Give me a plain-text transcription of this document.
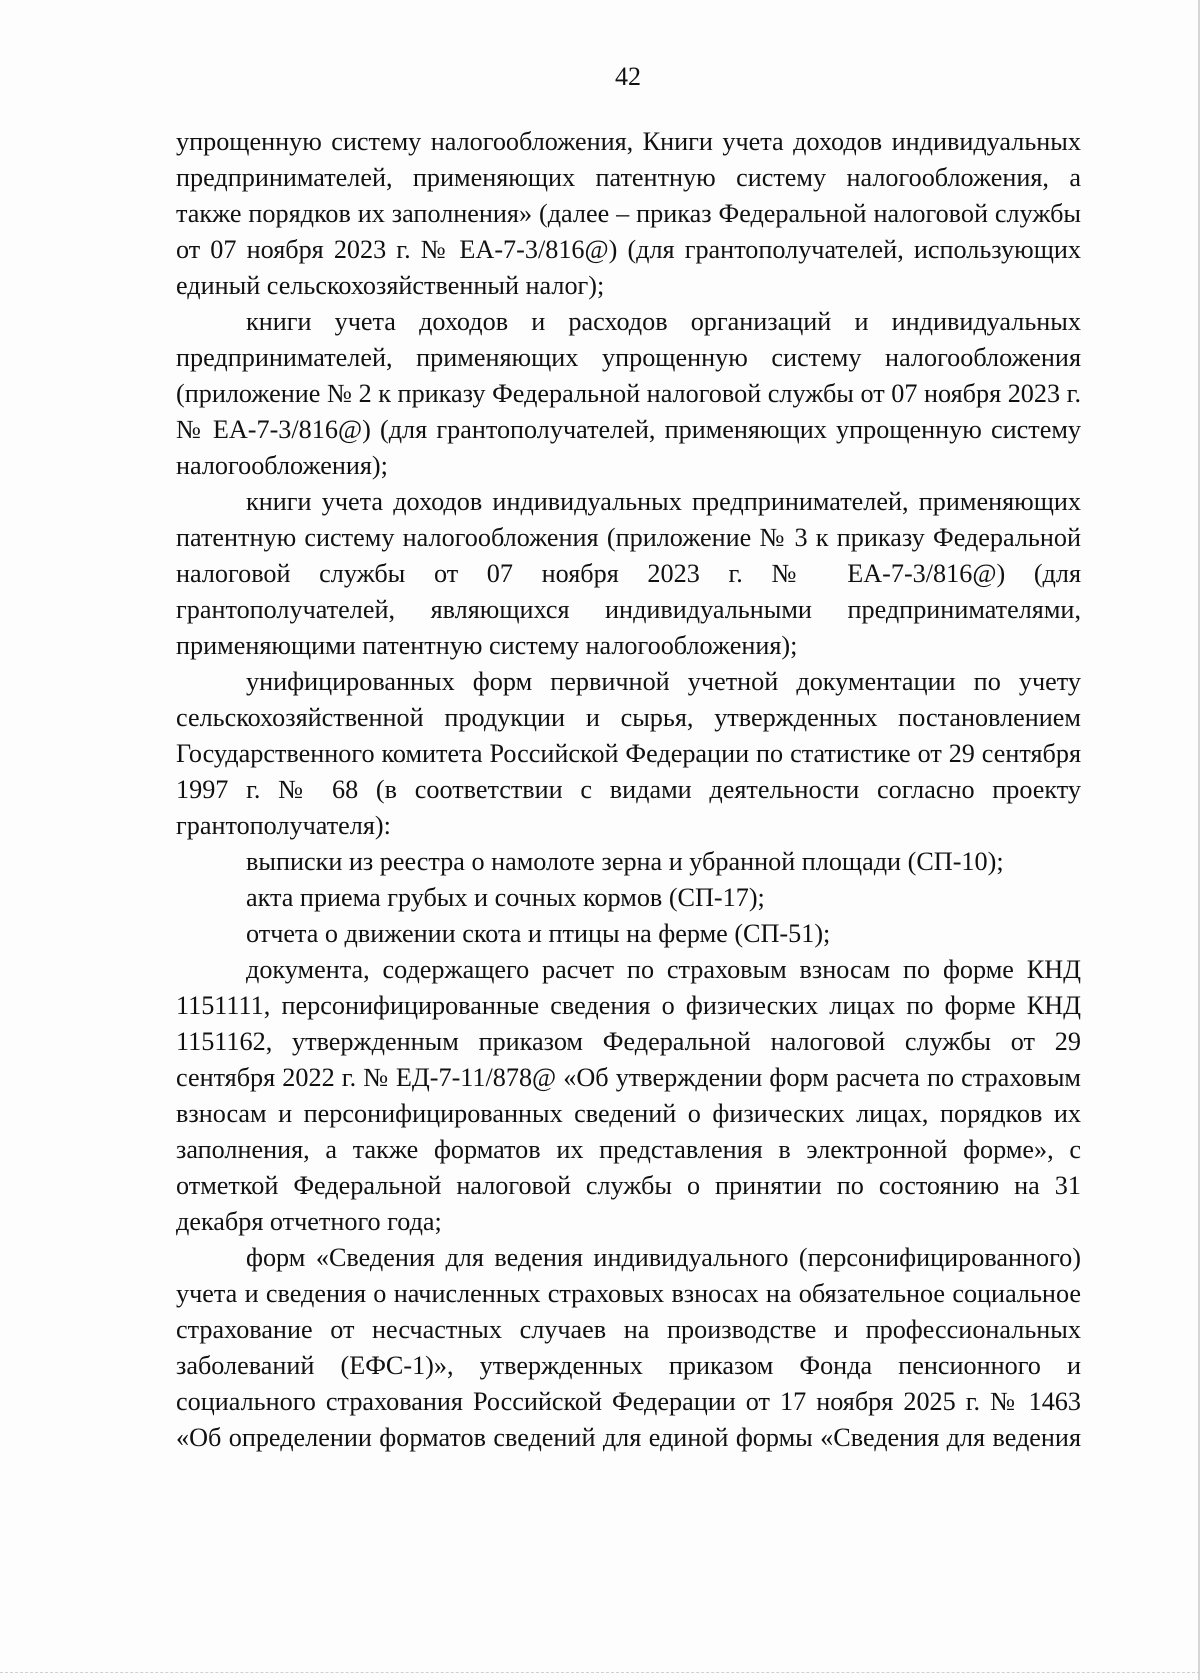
42

упрощенную систему налогообложения, Книги учета доходов индивидуальных предпринимателей, применяющих патентную систему налогообложения, а также порядков их заполнения» (далее – приказ Федеральной налоговой службы от 07 ноября 2023 г. № ЕА-7-3/816@) (для грантополучателей, использующих единый сельскохозяйственный налог);

книги учета доходов и расходов организаций и индивидуальных предпринимателей, применяющих упрощенную систему налогообложения (приложение № 2 к приказу Федеральной налоговой службы от 07 ноября 2023 г. № ЕА-7-3/816@) (для грантополучателей, применяющих упрощенную систему налогообложения);

книги учета доходов индивидуальных предпринимателей, применяющих патентную систему налогообложения (приложение № 3 к приказу Федеральной налоговой службы от 07 ноября 2023 г. № ЕА-7-3/816@) (для грантополучателей, являющихся индивидуальными предпринимателями, применяющими патентную систему налогообложения);

унифицированных форм первичной учетной документации по учету сельскохозяйственной продукции и сырья, утвержденных постановлением Государственного комитета Российской Федерации по статистике от 29 сентября 1997 г. № 68 (в соответствии с видами деятельности согласно проекту грантополучателя):

выписки из реестра о намолоте зерна и убранной площади (СП-10);

акта приема грубых и сочных кормов (СП-17);

отчета о движении скота и птицы на ферме (СП-51);

документа, содержащего расчет по страховым взносам по форме КНД 1151111, персонифицированные сведения о физических лицах по форме КНД 1151162, утвержденным приказом Федеральной налоговой службы от 29 сентября 2022 г. № ЕД-7-11/878@ «Об утверждении форм расчета по страховым взносам и персонифицированных сведений о физических лицах, порядков их заполнения, а также форматов их представления в электронной форме», с отметкой Федеральной налоговой службы о принятии по состоянию на 31 декабря отчетного года;

форм «Сведения для ведения индивидуального (персонифицированного) учета и сведения о начисленных страховых взносах на обязательное социальное страхование от несчастных случаев на производстве и профессиональных заболеваний (ЕФС-1)», утвержденных приказом Фонда пенсионного и социального страхования Российской Федерации от 17 ноября 2025 г. № 1463 «Об определении форматов сведений для единой формы «Сведения для ведения
